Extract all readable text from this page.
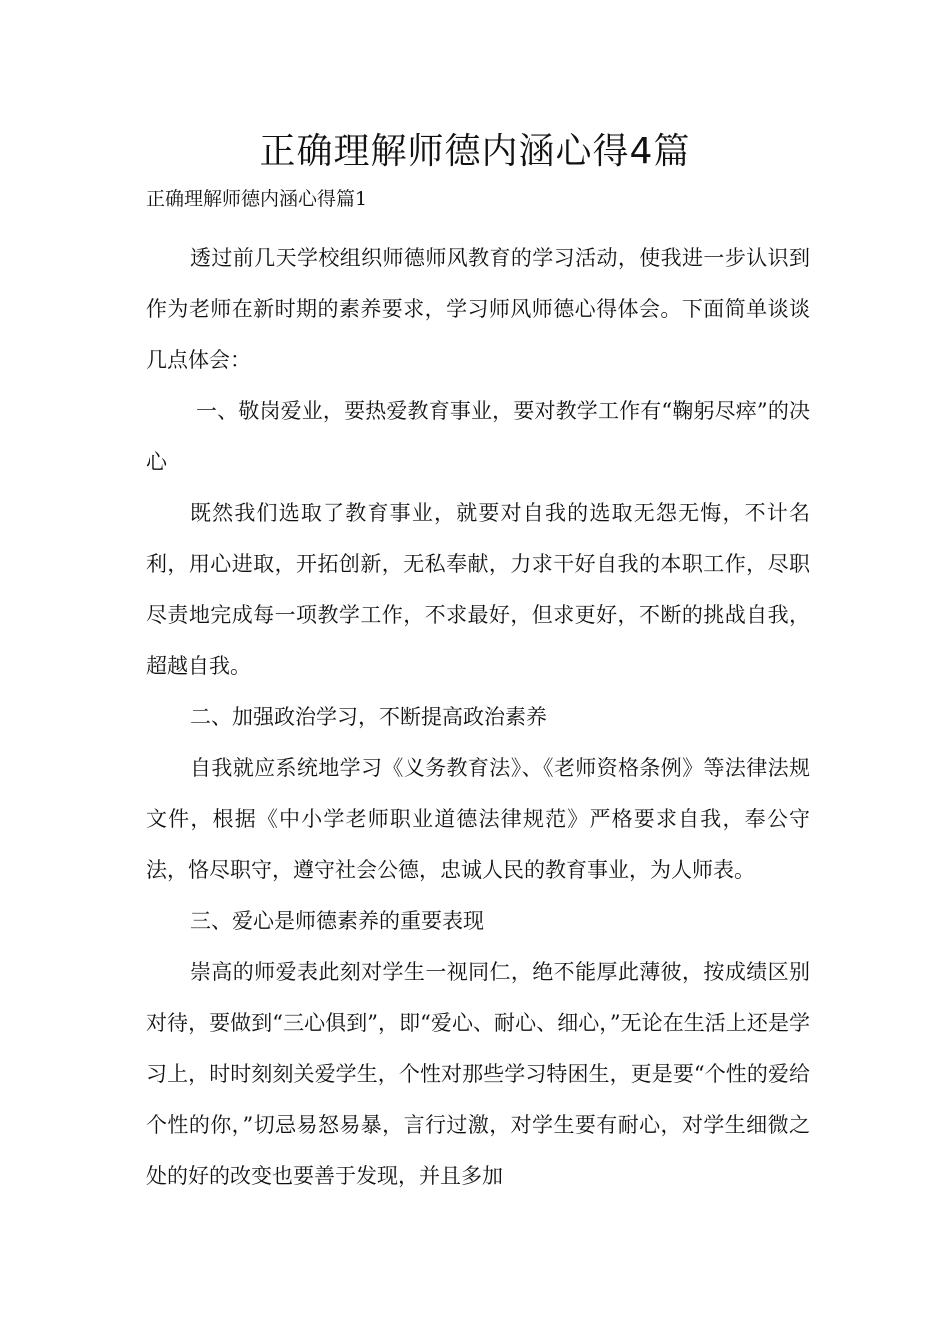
正确理解师德内涵心得4篇

正确理解师德内涵心得篇1

透过前几天学校组织师德师风教育的学习活动，使我进一步认识到作为老师在新时期的素养要求，学习师风师德心得体会。下面简单谈谈几点体会：

一、敬岗爱业，要热爱教育事业，要对教学工作有“鞠躬尽瘁”的决心

既然我们选取了教育事业，就要对自我的选取无怨无悔，不计名利，用心进取，开拓创新，无私奉献，力求干好自我的本职工作，尽职尽责地完成每一项教学工作，不求最好，但求更好，不断的挑战自我，超越自我。

二、加强政治学习，不断提高政治素养

自我就应系统地学习《义务教育法》、《老师资格条例》等法律法规文件，根据《中小学老师职业道德法律规范》严格要求自我，奉公守法，恪尽职守，遵守社会公德，忠诚人民的教育事业，为人师表。

三、爱心是师德素养的重要表现

崇高的师爱表此刻对学生一视同仁，绝不能厚此薄彼，按成绩区别对待，要做到“三心俱到”，即“爱心、耐心、细心，”无论在生活上还是学习上，时时刻刻关爱学生，个性对那些学习特困生，更是要“个性的爱给个性的你，”切忌易怒易暴，言行过激，对学生要有耐心，对学生细微之处的好的改变也要善于发现，并且多加
